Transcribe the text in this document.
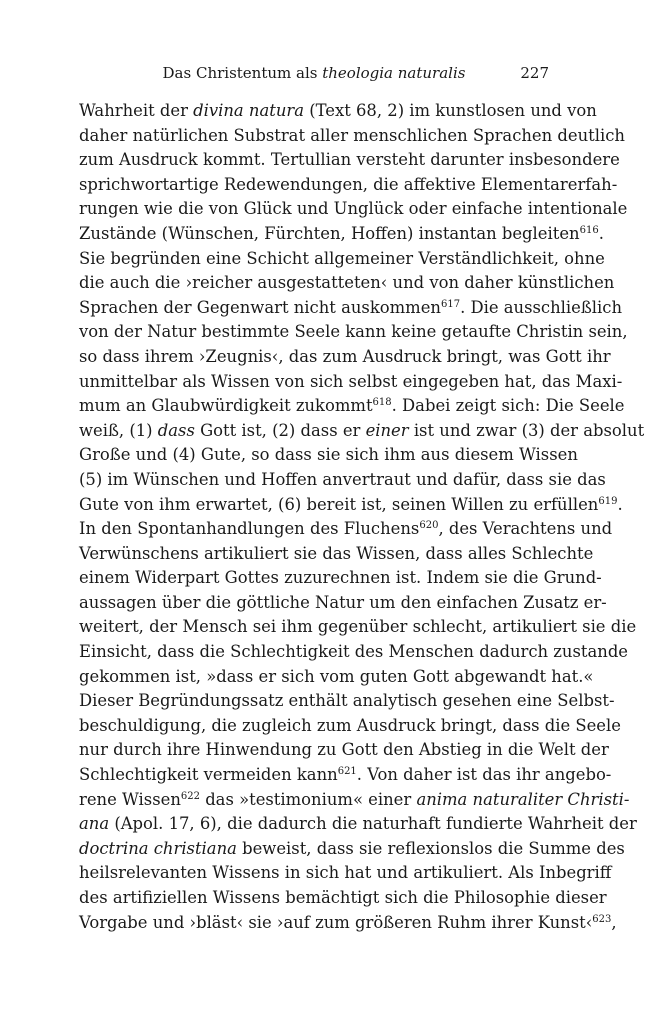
Das Christentum als theologia naturalis	227
Wahrheit der divina natura (Text 68, 2) im kunstlosen und von
daher natürlichen Substrat aller menschlichen Sprachen deutlich
zum Ausdruck kommt. Tertullian versteht darunter insbesondere
sprichwortartige Redewendungen, die affektive Elementarerfah-
rungen wie die von Glück und Unglück oder einfache intentionale
Zustände (Wünschen, Fürchten, Hoffen) instantan begleiten$^{616}$.
Sie begründen eine Schicht allgemeiner Verständlichkeit, ohne
die auch die ›reicher ausgestatteten‹ und von daher künstlichen
Sprachen der Gegenwart nicht auskommen$^{617}$. Die ausschließlich
von der Natur bestimmte Seele kann keine getaufte Christin sein,
so dass ihrem ›Zeugnis‹, das zum Ausdruck bringt, was Gott ihr
unmittelbar als Wissen von sich selbst eingegeben hat, das Maxi-
mum an Glaubwürdigkeit zukommt$^{618}$. Dabei zeigt sich: Die Seele
weiß, (1) dass Gott ist, (2) dass er einer ist und zwar (3) der absolut
Große und (4) Gute, so dass sie sich ihm aus diesem Wissen
(5) im Wünschen und Hoffen anvertraut und dafür, dass sie das
Gute von ihm erwartet, (6) bereit ist, seinen Willen zu erfüllen$^{619}$.
In den Spontanhandlungen des Fluchens$^{620}$, des Verachtens und
Verwünschens artikuliert sie das Wissen, dass alles Schlechte
einem Widerpart Gottes zuzurechnen ist. Indem sie die Grund-
aussagen über die göttliche Natur um den einfachen Zusatz er-
weitert, der Mensch sei ihm gegenüber schlecht, artikuliert sie die
Einsicht, dass die Schlechtigkeit des Menschen dadurch zustande
gekommen ist, »dass er sich vom guten Gott abgewandt hat.«
Dieser Begründungssatz enthält analytisch gesehen eine Selbst-
beschuldigung, die zugleich zum Ausdruck bringt, dass die Seele
nur durch ihre Hinwendung zu Gott den Abstieg in die Welt der
Schlechtigkeit vermeiden kann$^{621}$. Von daher ist das ihr angebo-
rene Wissen$^{622}$ das »testimonium« einer anima naturaliter Christi-
ana (Apol. 17, 6), die dadurch die naturhaft fundierte Wahrheit der
doctrina christiana beweist, dass sie reflexionslos die Summe des
heilsrelevanten Wissens in sich hat und artikuliert. Als Inbegriff
des artifiziellen Wissens bemächtigt sich die Philosophie dieser
Vorgabe und ›bläst‹ sie ›auf zum größeren Ruhm ihrer Kunst‹$^{623}$,
